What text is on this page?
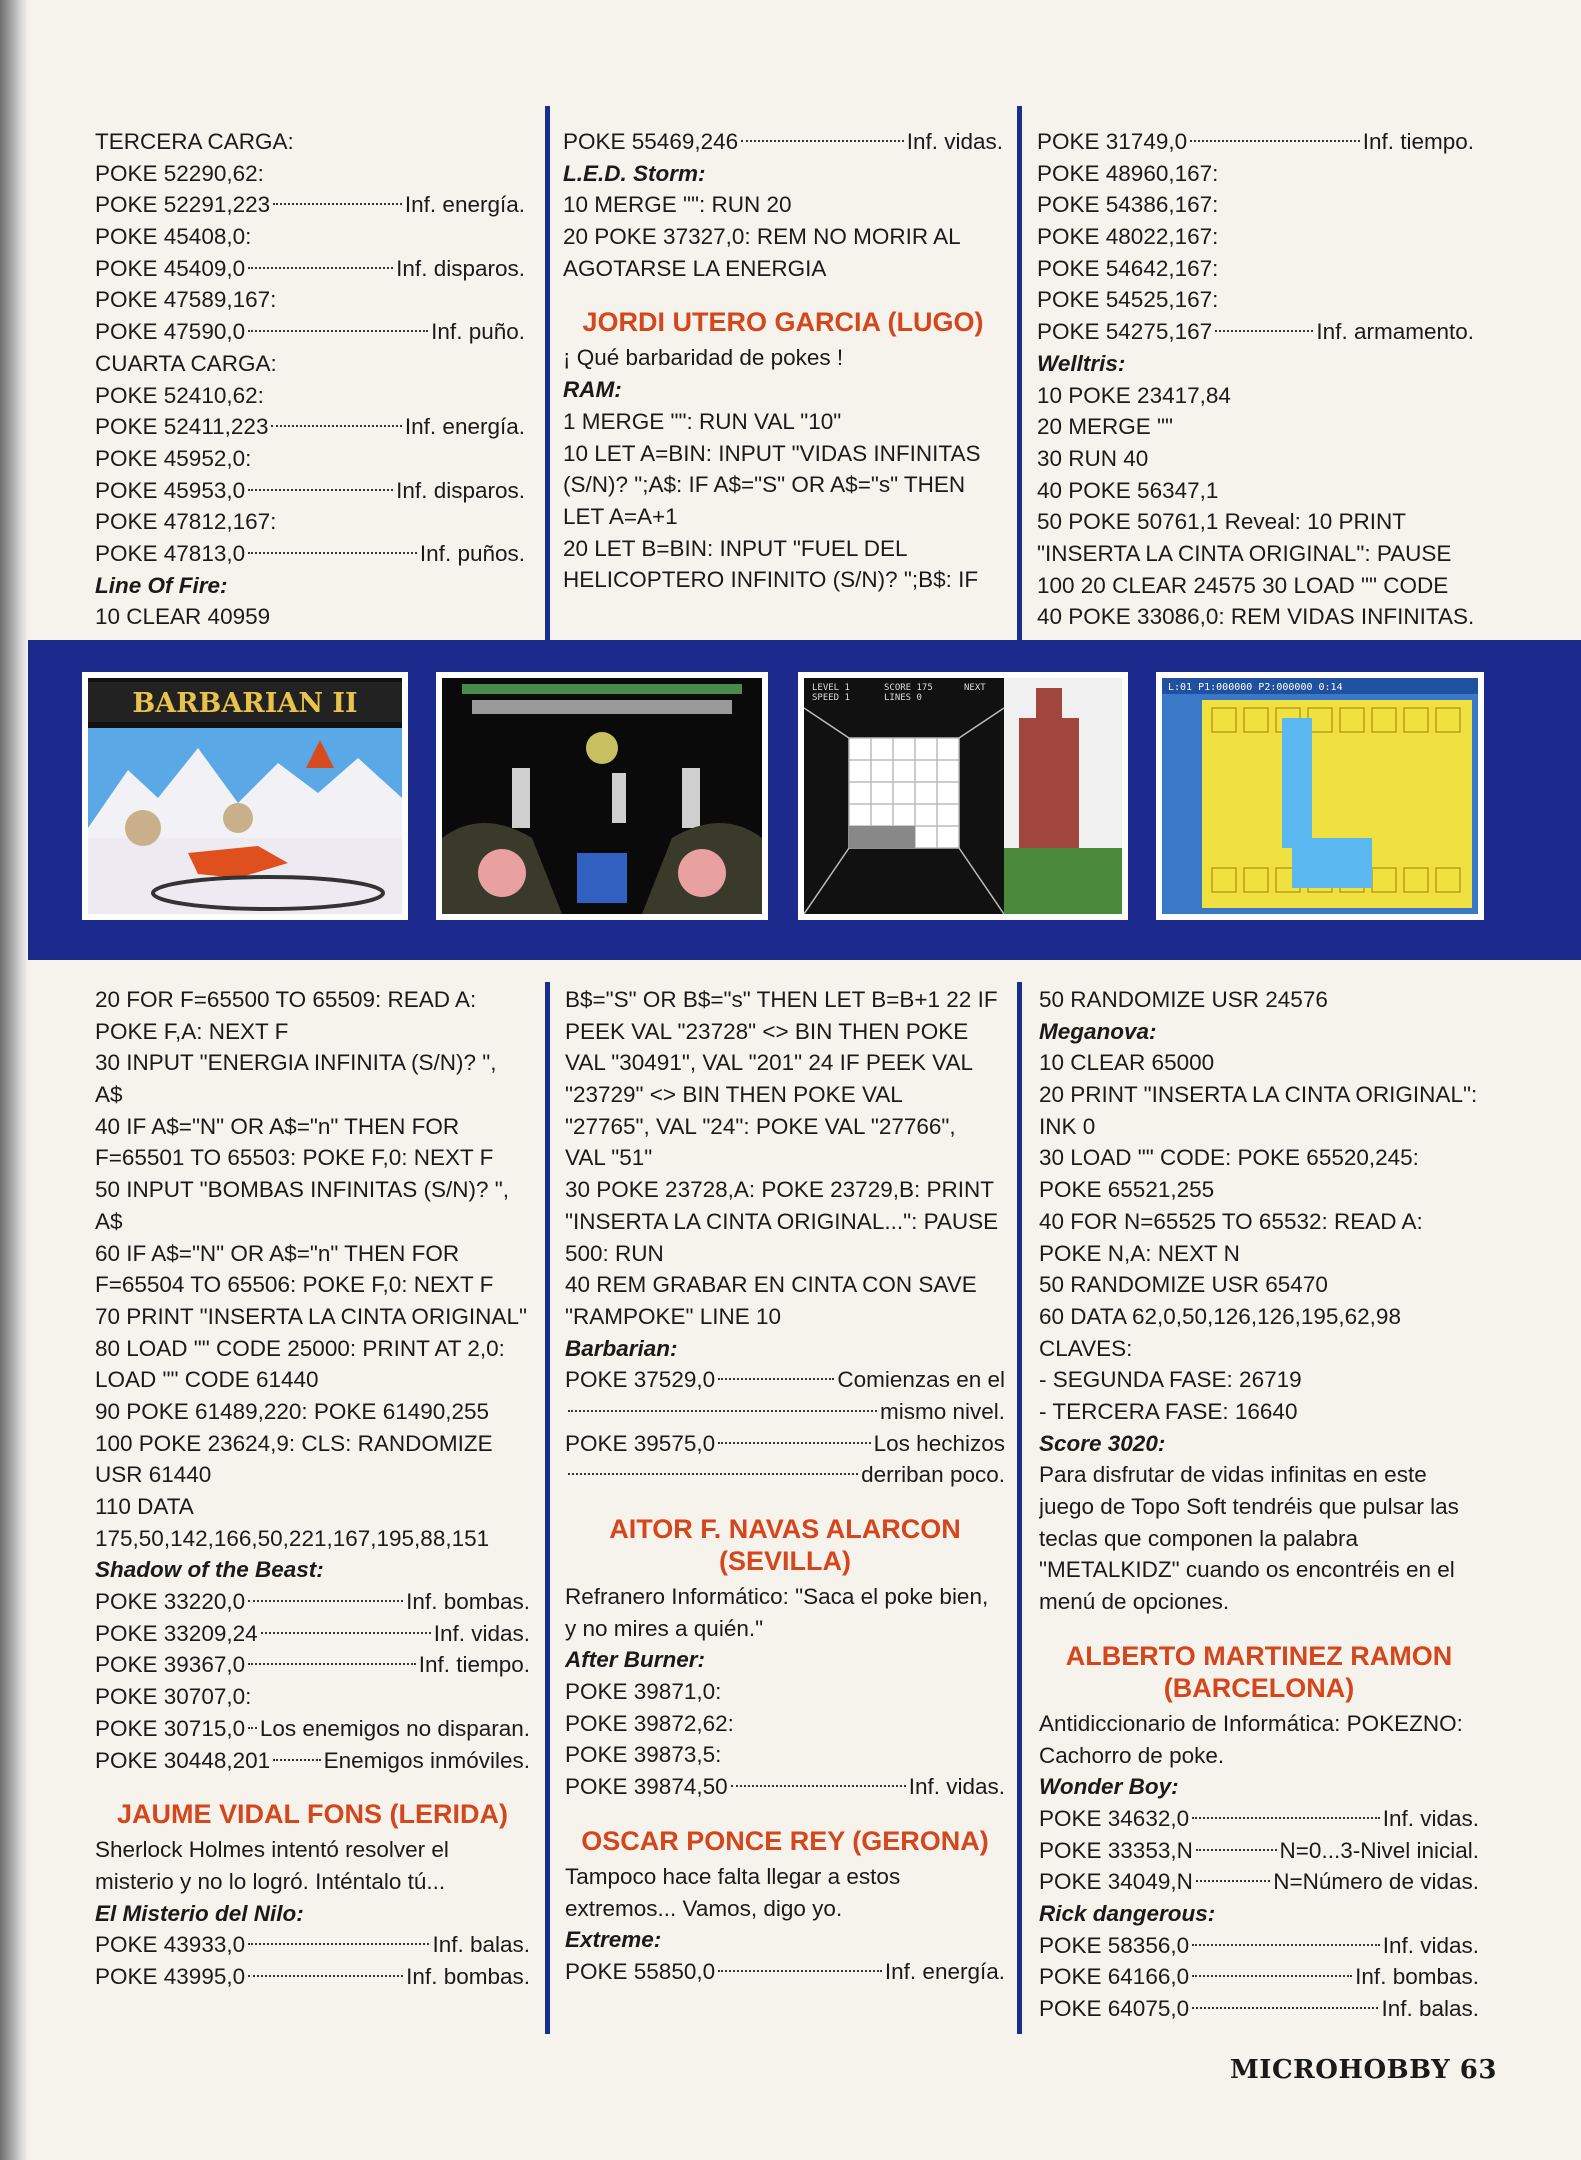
TERCERA CARGA:
POKE 52290,62:
POKE 52291,223	Inf. energía.
POKE 45408,0:
POKE 45409,0	Inf. disparos.
POKE 47589,167:
POKE 47590,0	Inf. puño.
CUARTA CARGA:
POKE 52410,62:
POKE 52411,223	Inf. energía.
POKE 45952,0:
POKE 45953,0	Inf. disparos.
POKE 47812,167:
POKE 47813,0	Inf. puños.
Line Of Fire:
10 CLEAR 40959
POKE 55469,246	Inf. vidas.
L.E.D. Storm:
10 MERGE "": RUN 20
20 POKE 37327,0: REM NO MORIR AL
AGOTARSE LA ENERGIA
JORDI UTERO GARCIA (LUGO)
¡ Qué barbaridad de pokes !
RAM:
1 MERGE "": RUN VAL "10"
10 LET A=BIN: INPUT "VIDAS INFINITAS
(S/N)? ";A$: IF A$="S" OR A$="s" THEN
LET A=A+1
20 LET B=BIN: INPUT "FUEL DEL
HELICOPTERO INFINITO (S/N)? ";B$: IF
POKE 31749,0	Inf. tiempo.
POKE 48960,167:
POKE 54386,167:
POKE 48022,167:
POKE 54642,167:
POKE 54525,167:
POKE 54275,167	Inf. armamento.
Welltris:
10 POKE 23417,84
20 MERGE ""
30 RUN 40
40 POKE 56347,1
50 POKE 50761,1 Reveal: 10 PRINT
"INSERTA LA CINTA ORIGINAL": PAUSE
100 20 CLEAR 24575 30 LOAD "" CODE
40 POKE 33086,0: REM VIDAS INFINITAS.
20 FOR F=65500 TO 65509: READ A:
POKE F,A: NEXT F
30 INPUT "ENERGIA INFINITA (S/N)? ",
A$
40 IF A$="N" OR A$="n" THEN FOR
F=65501 TO 65503: POKE F,0: NEXT F
50 INPUT "BOMBAS INFINITAS (S/N)? ",
A$
60 IF A$="N" OR A$="n" THEN FOR
F=65504 TO 65506: POKE F,0: NEXT F
70 PRINT "INSERTA LA CINTA ORIGINAL"
80 LOAD "" CODE 25000: PRINT AT 2,0:
LOAD "" CODE 61440
90 POKE 61489,220: POKE 61490,255
100 POKE 23624,9: CLS: RANDOMIZE
USR 61440
110 DATA
175,50,142,166,50,221,167,195,88,151
Shadow of the Beast:
POKE 33220,0	Inf. bombas.
POKE 33209,24	Inf. vidas.
POKE 39367,0	Inf. tiempo.
POKE 30707,0:
POKE 30715,0 Los enemigos no disparan.
POKE 30448,201 Enemigos inmóviles.
JAUME VIDAL FONS (LERIDA)
Sherlock Holmes intentó resolver el misterio y no lo logró. Inténtalo tú...
El Misterio del Nilo:
POKE 43933,0	Inf. balas.
POKE 43995,0	Inf. bombas.
B$="S" OR B$="s" THEN LET B=B+1 22 IF
PEEK VAL "23728" <> BIN THEN POKE
VAL "30491", VAL "201" 24 IF PEEK VAL
"23729" <> BIN THEN POKE VAL
"27765", VAL "24": POKE VAL "27766",
VAL "51"
30 POKE 23728,A: POKE 23729,B: PRINT
"INSERTA LA CINTA ORIGINAL...": PAUSE
500: RUN
40 REM GRABAR EN CINTA CON SAVE
"RAMPOKE" LINE 10
Barbarian:
POKE 37529,0	Comienzas en el
mismo nivel.
POKE 39575,0	Los hechizos
derriban poco.
AITOR F. NAVAS ALARCON (SEVILLA)
Refranero Informático: "Saca el poke bien, y no mires a quién."
After Burner:
POKE 39871,0:
POKE 39872,62:
POKE 39873,5:
POKE 39874,50	Inf. vidas.
OSCAR PONCE REY (GERONA)
Tampoco hace falta llegar a estos extremos... Vamos, digo yo.
Extreme:
POKE 55850,0	Inf. energía.
50 RANDOMIZE USR 24576
Meganova:
10 CLEAR 65000
20 PRINT "INSERTA LA CINTA ORIGINAL":
INK 0
30 LOAD "" CODE: POKE 65520,245:
POKE 65521,255
40 FOR N=65525 TO 65532: READ A:
POKE N,A: NEXT N
50 RANDOMIZE USR 65470
60 DATA 62,0,50,126,126,195,62,98
CLAVES:
- SEGUNDA FASE: 26719
- TERCERA FASE: 16640
Score 3020:
Para disfrutar de vidas infinitas en este juego de Topo Soft tendréis que pulsar las teclas que componen la palabra "METALKIDZ" cuando os encontréis en el menú de opciones.
ALBERTO MARTINEZ RAMON (BARCELONA)
Antidiccionario de Informática: POKEZNO: Cachorro de poke.
Wonder Boy:
POKE 34632,0	Inf. vidas.
POKE 33353,N	N=0...3-Nivel inicial.
POKE 34049,N	N=Número de vidas.
Rick dangerous:
POKE 58356,0	Inf. vidas.
POKE 64166,0	Inf. bombas.
POKE 64075,0	Inf. balas.
BARBARIAN II	LEVEL 1
SPEED 1
SCORE 175
LINES 0
NEXT	L:01 P1:000000 P2:000000 0:14
MICROHOBBY 63
